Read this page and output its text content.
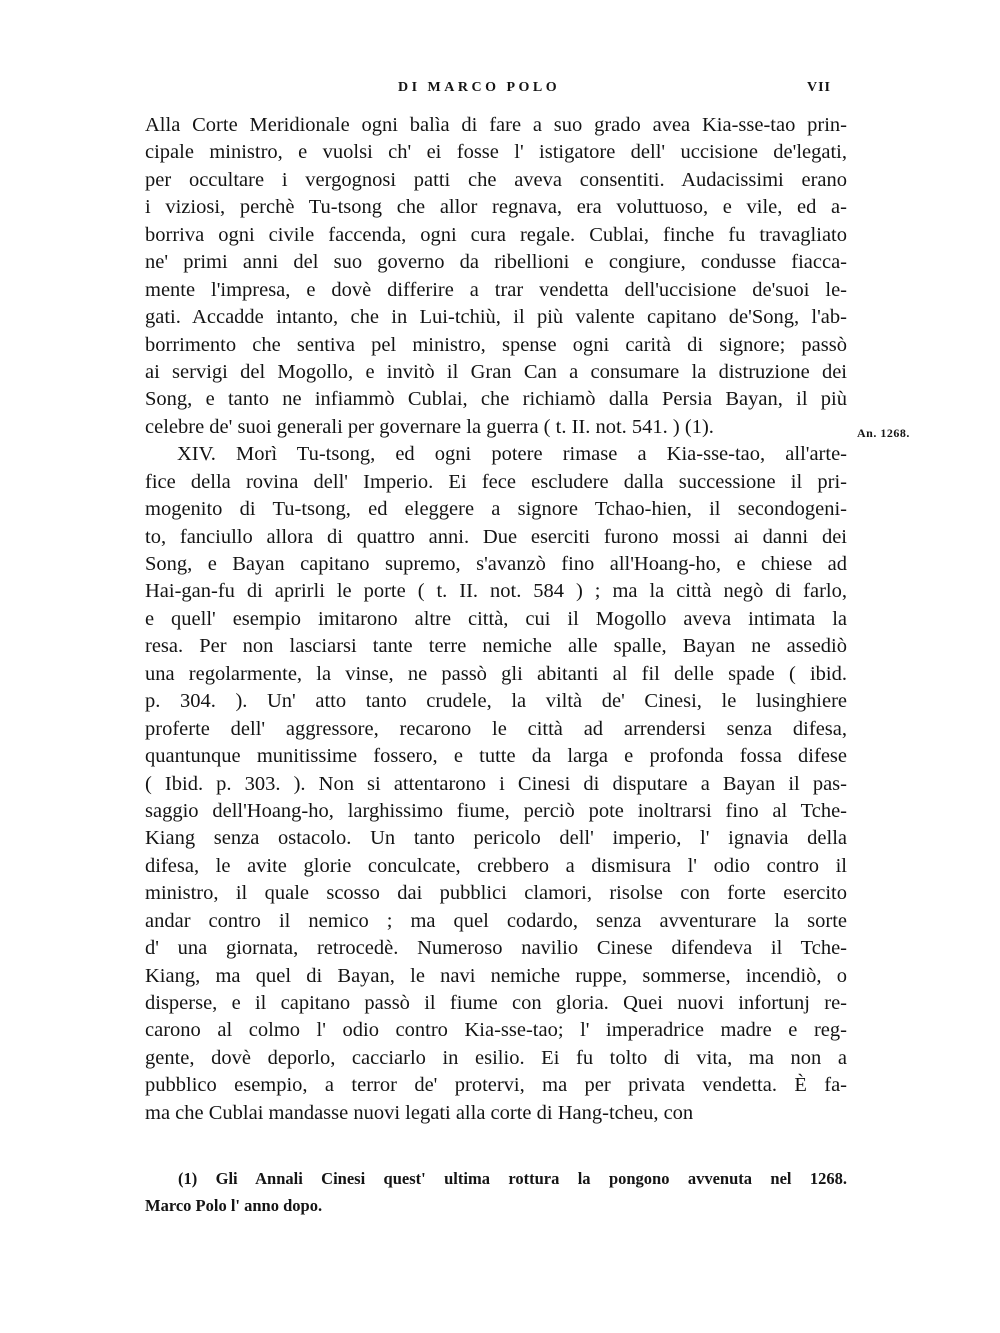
DI MARCO POLO	VII
Alla Corte Meridionale ogni balìa di fare a suo grado avea Kia-sse-tao prin-
cipale ministro, e vuolsi ch' ei fosse l' istigatore dell' uccisione de'legati,
per occultare i vergognosi patti che aveva consentiti. Audacissimi erano
i viziosi, perchè Tu-tsong che allor regnava, era voluttuoso, e vile, ed a-
borriva ogni civile faccenda, ogni cura regale. Cublai, finche fu travagliato
ne' primi anni del suo governo da ribellioni e congiure, condusse fiacca-
mente l'impresa, e dovè differire a trar vendetta dell'uccisione de'suoi le-
gati. Accadde intanto, che in Lui-tchiù, il più valente capitano de'Song, l'ab-
borrimento che sentiva pel ministro, spense ogni carità di signore; passò
ai servigi del Mogollo, e invitò il Gran Can a consumare la distruzione dei
Song, e tanto ne infiammò Cublai, che richiamò dalla Persia Bayan, il più
celebre de' suoi generali per governare la guerra ( t. II. not. 541. ) (1).
XIV. Morì Tu-tsong, ed ogni potere rimase a Kia-sse-tao, all'arte-
fice della rovina dell' Imperio. Ei fece escludere dalla successione il pri-
mogenito di Tu-tsong, ed eleggere a signore Tchao-hien, il secondogeni-
to, fanciullo allora di quattro anni. Due eserciti furono mossi ai danni dei
Song, e Bayan capitano supremo, s'avanzò fino all'Hoang-ho, e chiese ad
Hai-gan-fu di aprirli le porte ( t. II. not. 584 ) ; ma la città negò di farlo,
e quell' esempio imitarono altre città, cui il Mogollo aveva intimata la
resa. Per non lasciarsi tante terre nemiche alle spalle, Bayan ne assediò
una regolarmente, la vinse, ne passò gli abitanti al fil delle spade ( ibid.
p. 304. ). Un' atto tanto crudele, la viltà de' Cinesi, le lusinghiere
proferte dell' aggressore, recarono le città ad arrendersi senza difesa,
quantunque munitissime fossero, e tutte da larga e profonda fossa difese
( Ibid. p. 303. ). Non si attentarono i Cinesi di disputare a Bayan il pas-
saggio dell'Hoang-ho, larghissimo fiume, perciò pote inoltrarsi fino al Tche-
Kiang senza ostacolo. Un tanto pericolo dell' imperio, l' ignavia della
difesa, le avite glorie conculcate, crebbero a dismisura l' odio contro il
ministro, il quale scosso dai pubblici clamori, risolse con forte esercito
andar contro il nemico ; ma quel codardo, senza avventurare la sorte
d' una giornata, retrocedè. Numeroso navilio Cinese difendeva il Tche-
Kiang, ma quel di Bayan, le navi nemiche ruppe, sommerse, incendiò, o
disperse, e il capitano passò il fiume con gloria. Quei nuovi infortunj re-
carono al colmo l' odio contro Kia-sse-tao; l' imperadrice madre e reg-
gente, dovè deporlo, cacciarlo in esilio. Ei fu tolto di vita, ma non a
pubblico esempio, a terror de' protervi, ma per privata vendetta. È fa-
ma che Cublai mandasse nuovi legati alla corte di Hang-tcheu, con
An. 1268.
(1) Gli Annali Cinesi quest' ultima rottura la pongono avvenuta nel 1268.
Marco Polo l' anno dopo.
